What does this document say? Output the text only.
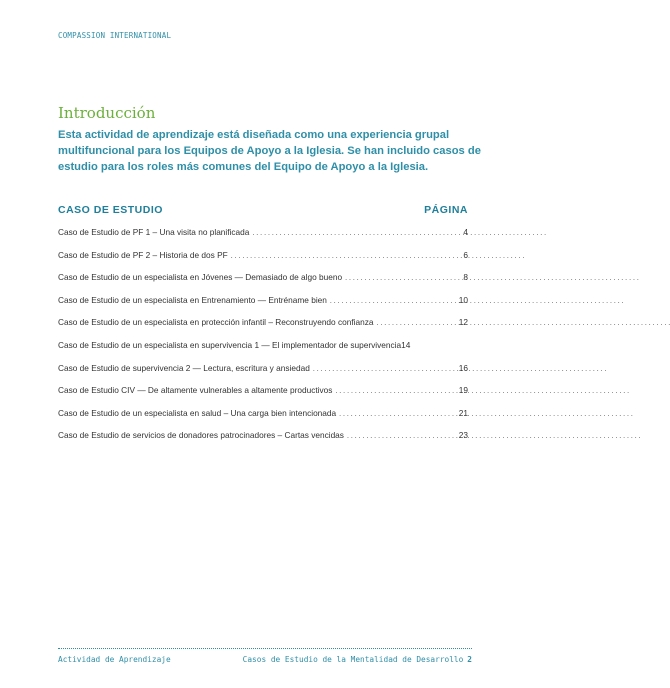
COMPASSION INTERNATIONAL
Introducción

Esta actividad de aprendizaje está diseñada como una experiencia grupal multifuncional para los Equipos de Apoyo a la Iglesia. Se han incluido casos de estudio para los roles más comunes del Equipo de Apoyo a la Iglesia.

CASO DE ESTUDIO	PÁGINA
Caso de Estudio de PF 1 – Una visita no planificada . . .	4
Caso de Estudio de PF 2 – Historia de dos PF . . .	6
Caso de Estudio de un especialista en Jóvenes — Demasiado de algo bueno . . .	8
Caso de Estudio de un especialista en Entrenamiento — Entréname bien . . .	10
Caso de Estudio de un especialista en protección infantil – Reconstruyendo confianza . . .	12
Caso de Estudio de un especialista en supervivencia 1 — El implementador de supervivencia 14
Caso de Estudio de supervivencia 2 — Lectura, escritura y ansiedad . . .	16
Caso de Estudio CIV — De altamente vulnerables a altamente productivos . . .	19
Caso de Estudio de un especialista en salud – Una carga bien intencionada . . .	21
Caso de Estudio de servicios de donadores patrocinadores – Cartas vencidas . . .	23
Actividad de Aprendizaje	Casos de Estudio de la Mentalidad de Desarrollo 2
